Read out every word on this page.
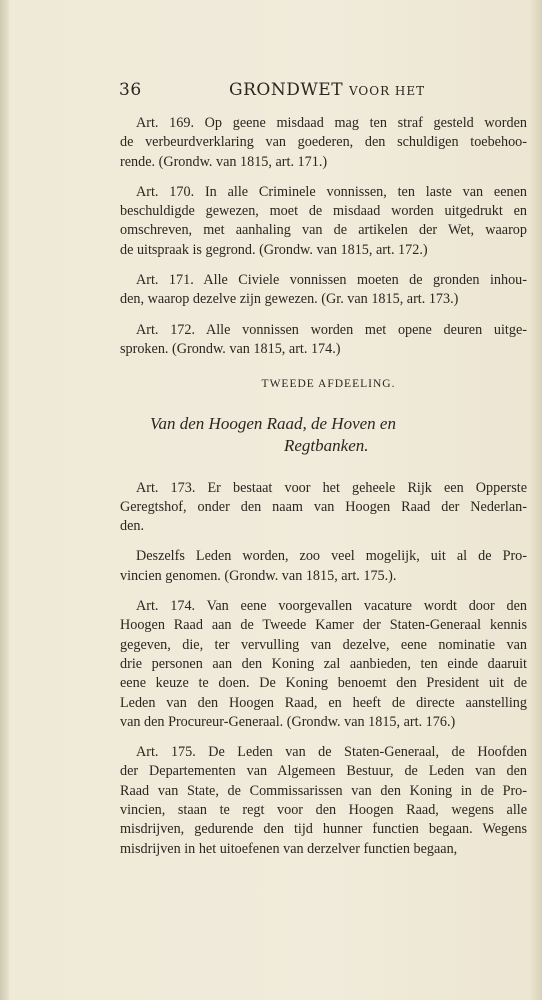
36	GRONDWET VOOR HET
Art. 169. Op geene misdaad mag ten straf gesteld worden
de verbeurdverklaring van goederen, den schuldigen toebehoo-
rende. (Grondw. van 1815, art. 171.)
Art. 170. In alle Criminele vonnissen, ten laste van eenen
beschuldigde gewezen, moet de misdaad worden uitgedrukt en
omschreven, met aanhaling van de artikelen der Wet, waarop
de uitspraak is gegrond. (Grondw. van 1815, art. 172.)
Art. 171. Alle Civiele vonnissen moeten de gronden inhou-
den, waarop dezelve zijn gewezen. (Gr. van 1815, art. 173.)
Art. 172. Alle vonnissen worden met opene deuren uitge-
sproken. (Grondw. van 1815, art. 174.)
TWEEDE AFDEELING.
Van den Hoogen Raad, de Hoven en
Regtbanken.
Art. 173. Er bestaat voor het geheele Rijk een Opperste
Geregtshof, onder den naam van Hoogen Raad der Nederlan-
den.
Deszelfs Leden worden, zoo veel mogelijk, uit al de Pro-
vincien genomen. (Grondw. van 1815, art. 175.).
Art. 174. Van eene voorgevallen vacature wordt door den
Hoogen Raad aan de Tweede Kamer der Staten-Generaal kennis
gegeven, die, ter vervulling van dezelve, eene nominatie van
drie personen aan den Koning zal aanbieden, ten einde daaruit
eene keuze te doen. De Koning benoemt den President uit de
Leden van den Hoogen Raad, en heeft de directe aanstelling
van den Procureur-Generaal. (Grondw. van 1815, art. 176.)
Art. 175. De Leden van de Staten-Generaal, de Hoofden
der Departementen van Algemeen Bestuur, de Leden van den
Raad van State, de Commissarissen van den Koning in de Pro-
vincien, staan te regt voor den Hoogen Raad, wegens alle
misdrijven, gedurende den tijd hunner functien begaan. Wegens
misdrijven in het uitoefenen van derzelver functien begaan,
